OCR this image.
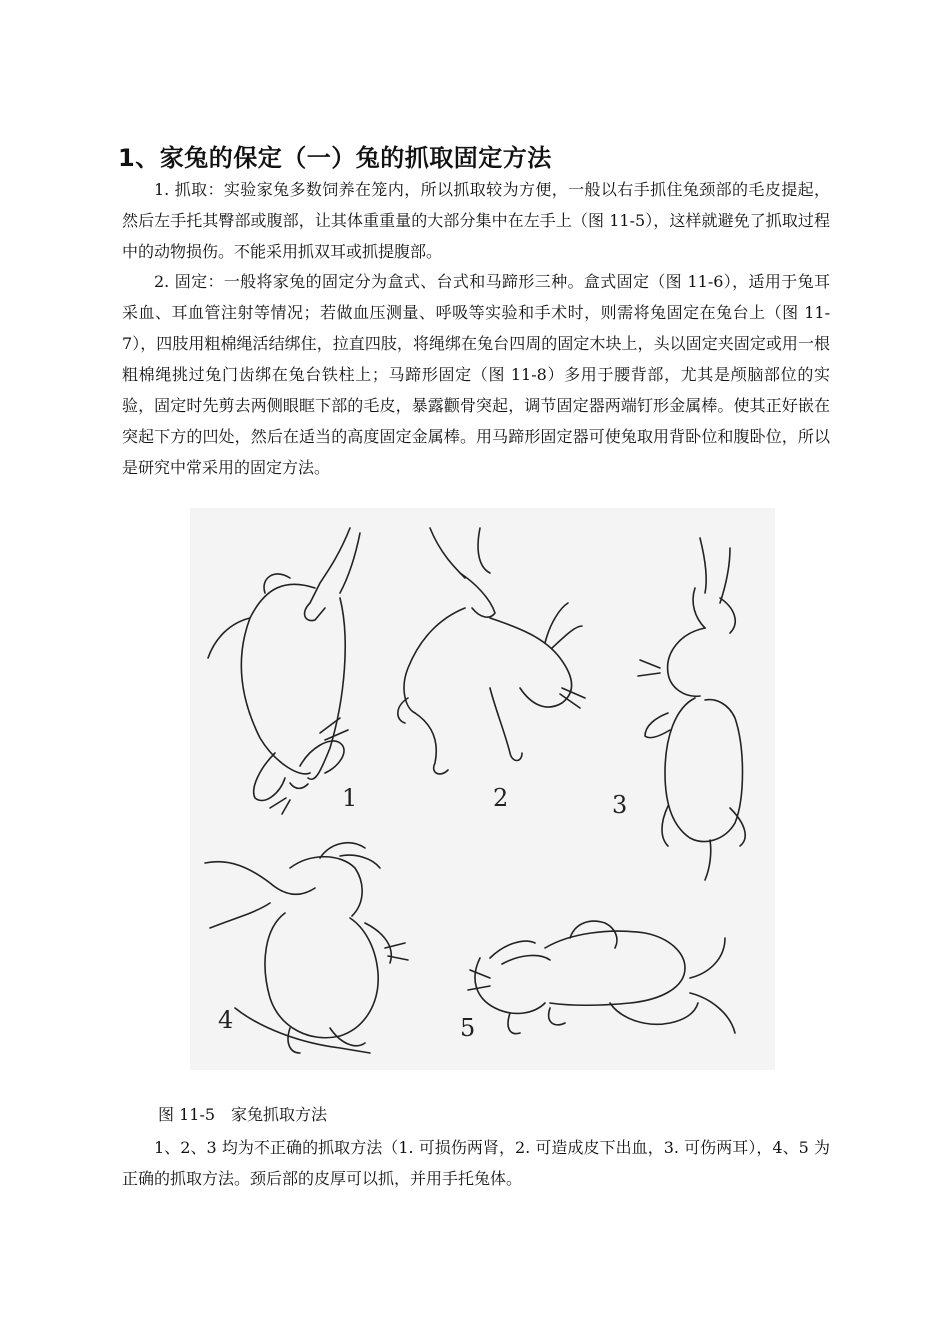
1、家兔的保定（一）兔的抓取固定方法

1. 抓取：实验家兔多数饲养在笼内，所以抓取较为方便，一般以右手抓住兔颈部的毛皮提起，然后左手托其臀部或腹部，让其体重重量的大部分集中在左手上（图 11-5），这样就避免了抓取过程中的动物损伤。不能采用抓双耳或抓提腹部。

2. 固定：一般将家兔的固定分为盒式、台式和马蹄形三种。盒式固定（图 11-6），适用于兔耳采血、耳血管注射等情况；若做血压测量、呼吸等实验和手术时，则需将兔固定在兔台上（图 11-7），四肢用粗棉绳活结绑住，拉直四肢，将绳绑在兔台四周的固定木块上，头以固定夹固定或用一根粗棉绳挑过兔门齿绑在兔台铁柱上；马蹄形固定（图 11-8）多用于腰背部，尤其是颅脑部位的实验，固定时先剪去两侧眼眶下部的毛皮，暴露颧骨突起，调节固定器两端钉形金属棒。使其正好嵌在突起下方的凹处，然后在适当的高度固定金属棒。用马蹄形固定器可使兔取用背卧位和腹卧位，所以是研究中常采用的固定方法。

1	2	3
4	5
图 11-5 家兔抓取方法

1、2、3 均为不正确的抓取方法（1. 可损伤两肾，2. 可造成皮下出血，3. 可伤两耳），4、5 为正确的抓取方法。颈后部的皮厚可以抓，并用手托兔体。
